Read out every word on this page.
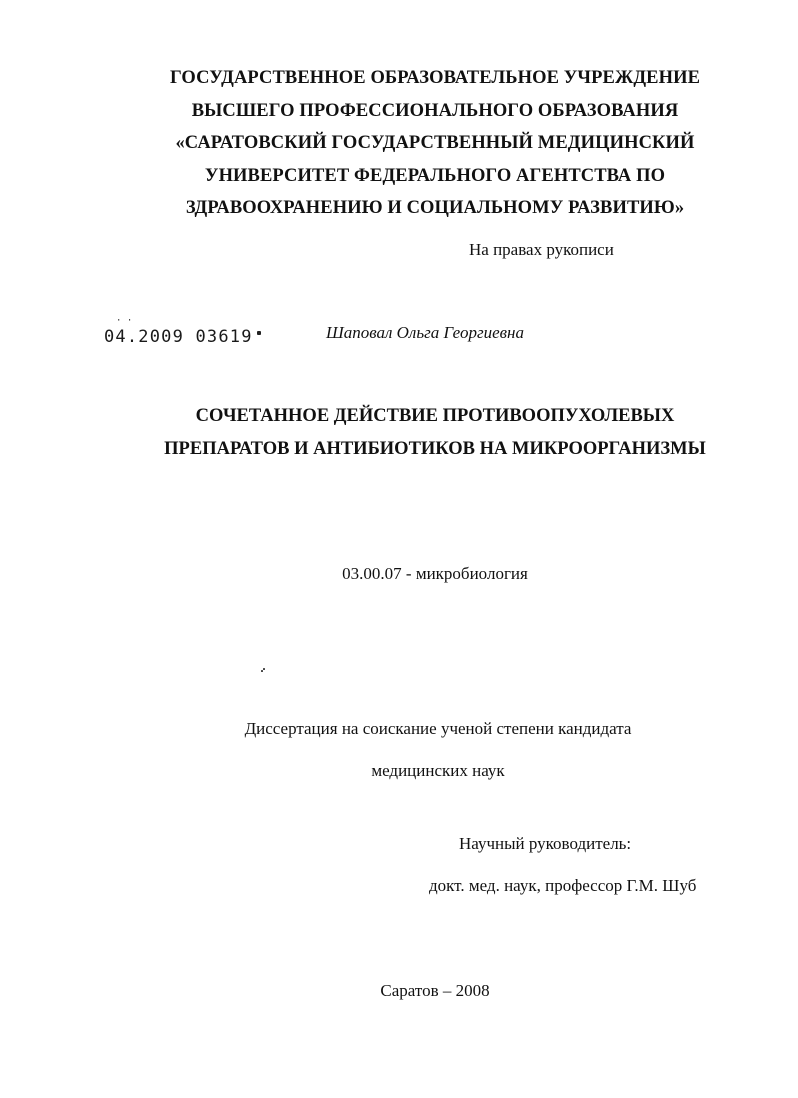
ГОСУДАРСТВЕННОЕ ОБРАЗОВАТЕЛЬНОЕ УЧРЕЖДЕНИЕ
ВЫСШЕГО ПРОФЕССИОНАЛЬНОГО ОБРАЗОВАНИЯ
«САРАТОВСКИЙ ГОСУДАРСТВЕННЫЙ МЕДИЦИНСКИЙ
УНИВЕРСИТЕТ ФЕДЕРАЛЬНОГО АГЕНТСТВА ПО
ЗДРАВООХРАНЕНИЮ И СОЦИАЛЬНОМУ РАЗВИТИЮ»
На правах рукописи
· ·
04.2009 03619	Шаповал Ольга Георгиевна
СОЧЕТАННОЕ ДЕЙСТВИЕ ПРОТИВООПУХОЛЕВЫХ
ПРЕПАРАТОВ И АНТИБИОТИКОВ НА МИКРООРГАНИЗМЫ
03.00.07 - микробиология
Диссертация на соискание ученой степени кандидата
медицинских наук
Научный руководитель:
докт. мед. наук, профессор Г.М. Шуб
Саратов – 2008
